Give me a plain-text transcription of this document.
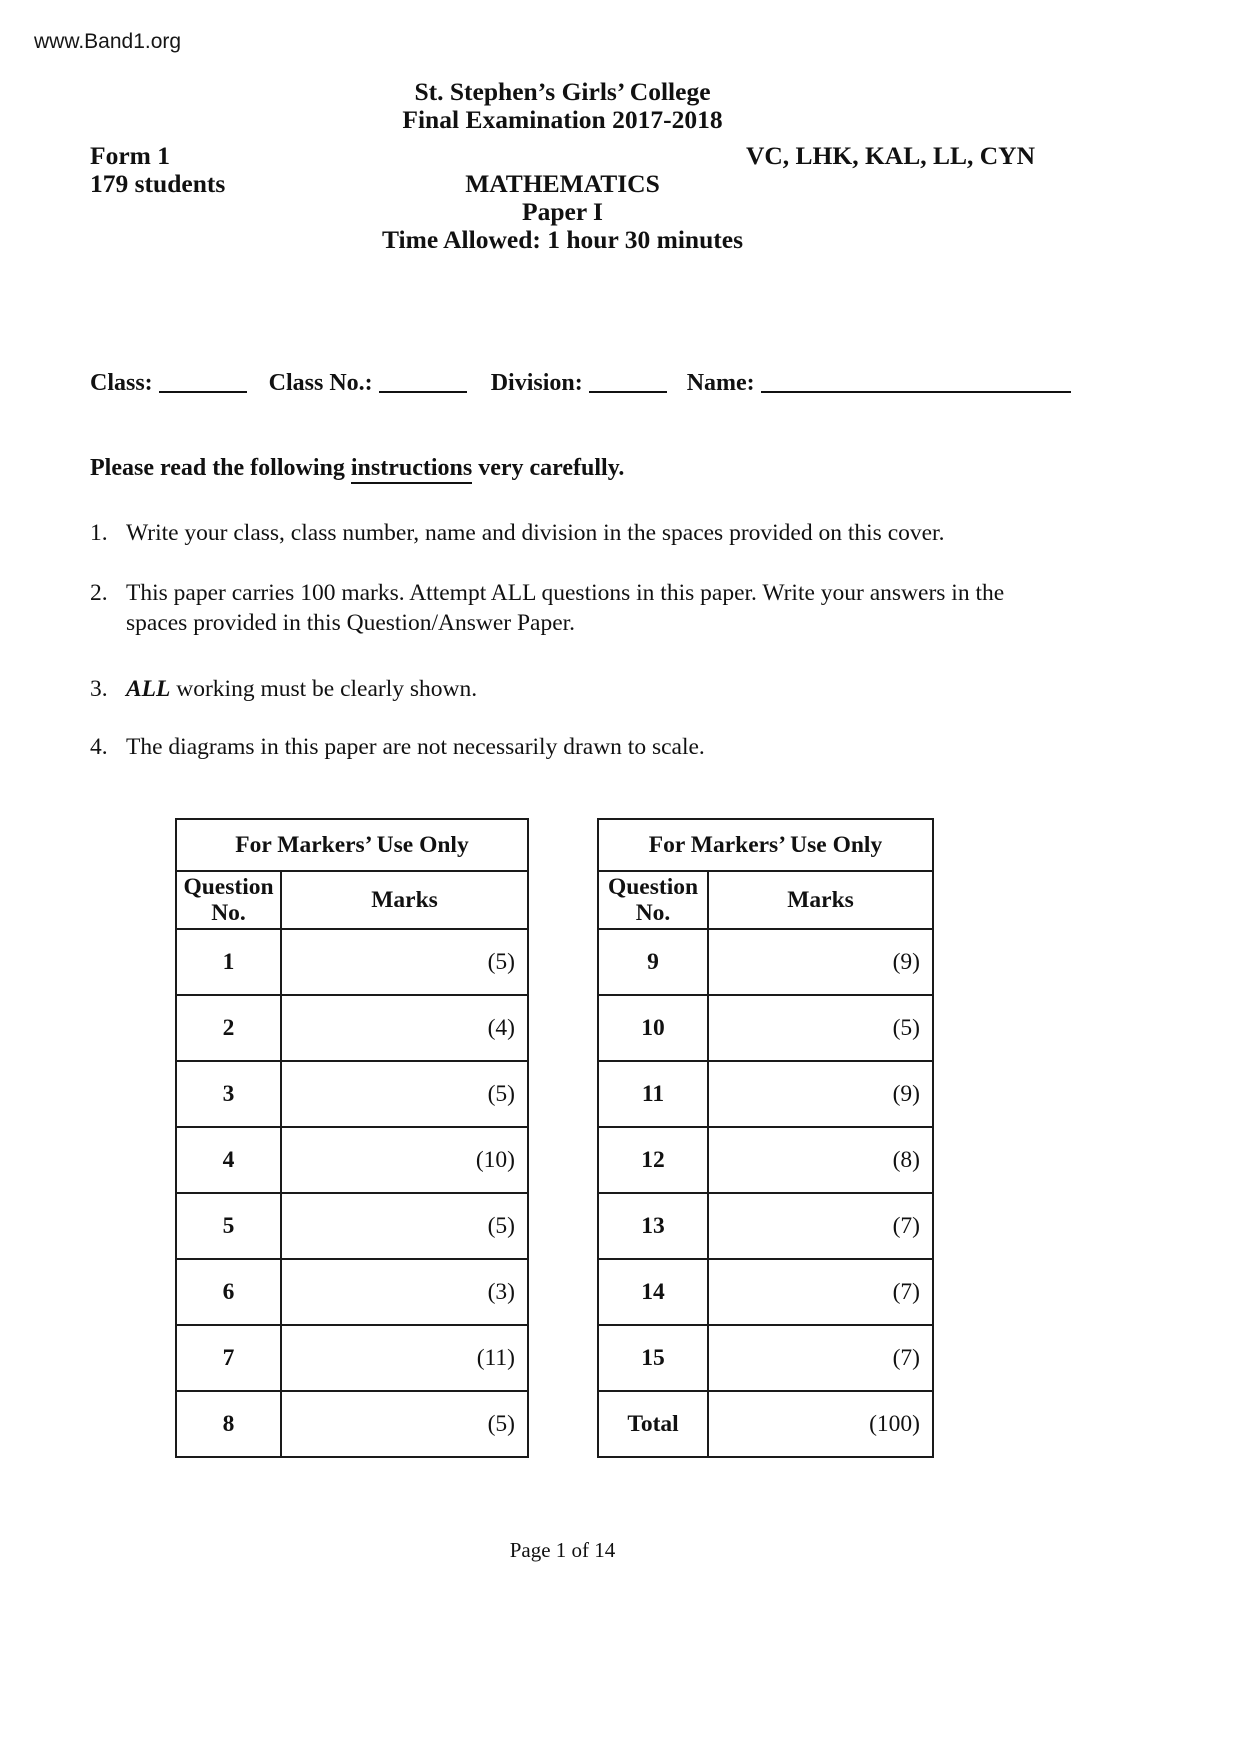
www.Band1.org
St. Stephen’s Girls’ College
Final Examination 2017-2018
MATHEMATICS
Paper I
Time Allowed: 1 hour 30 minutes
Form 1
179 students
VC, LHK, KAL, LL, CYN
Class:	Class No.:	Division:	Name:
Please read the following instructions very carefully.
1. Write your class, class number, name and division in the spaces provided on this cover.
2. This paper carries 100 marks. Attempt ALL questions in this paper. Write your answers in the spaces provided in this Question/Answer Paper.
3. ALL working must be clearly shown.
4. The diagrams in this paper are not necessarily drawn to scale.
For Markers’ Use Only	
Question No.	Marks
1	(5)
2	(4)
3	(5)
4	(10)
5	(5)
6	(3)
7	(11)
8	(5)
For Markers’ Use Only	
Question No.	Marks
9	(9)
10	(5)
11	(9)
12	(8)
13	(7)
14	(7)
15	(7)
Total	(100)
Page 1 of 14
